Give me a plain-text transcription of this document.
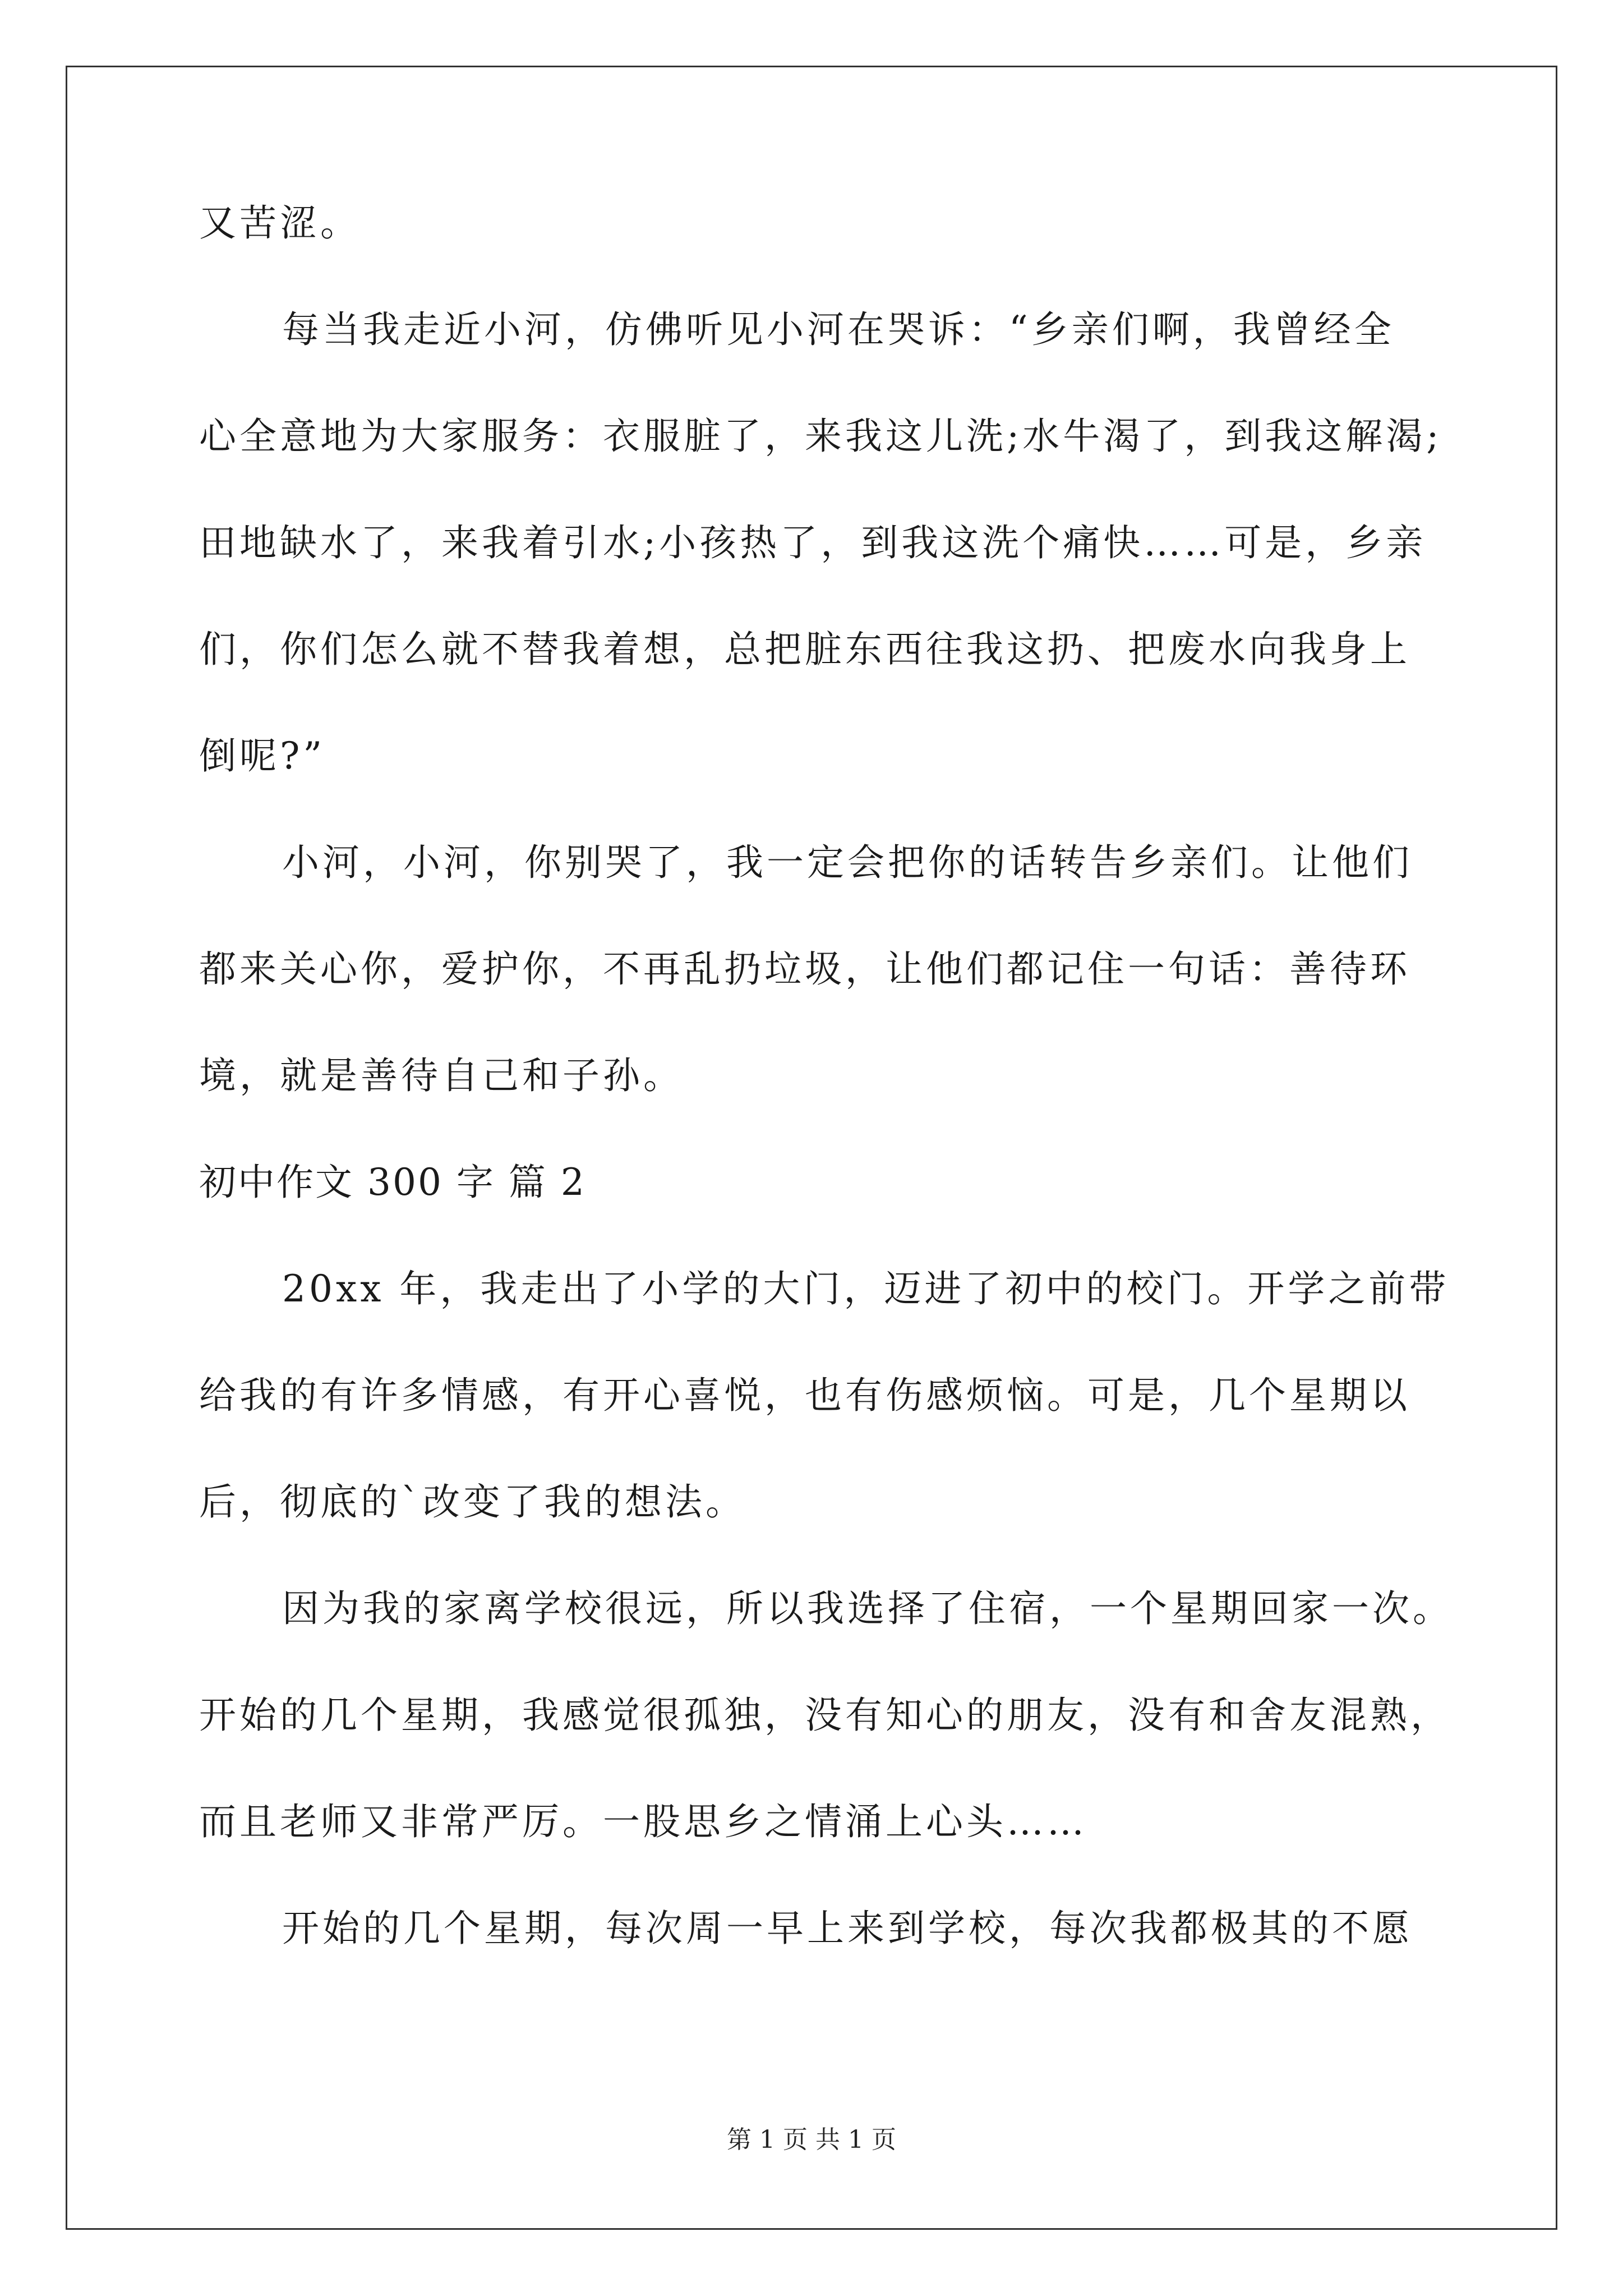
又苦涩。
每当我走近小河，仿佛听见小河在哭诉：“乡亲们啊，我曾经全
心全意地为大家服务：衣服脏了，来我这儿洗;水牛渴了，到我这解渴;
田地缺水了，来我着引水;小孩热了，到我这洗个痛快……可是，乡亲
们，你们怎么就不替我着想，总把脏东西往我这扔、把废水向我身上
倒呢?”
小河，小河，你别哭了，我一定会把你的话转告乡亲们。让他们
都来关心你，爱护你，不再乱扔垃圾，让他们都记住一句话：善待环
境，就是善待自己和子孙。
初中作文 300 字 篇 2
20xx 年，我走出了小学的大门，迈进了初中的校门。开学之前带
给我的有许多情感，有开心喜悦，也有伤感烦恼。可是，几个星期以
后，彻底的`改变了我的想法。
因为我的家离学校很远，所以我选择了住宿，一个星期回家一次。
开始的几个星期，我感觉很孤独，没有知心的朋友，没有和舍友混熟，
而且老师又非常严厉。一股思乡之情涌上心头……
开始的几个星期，每次周一早上来到学校，每次我都极其的不愿
第 1 页 共 1 页
